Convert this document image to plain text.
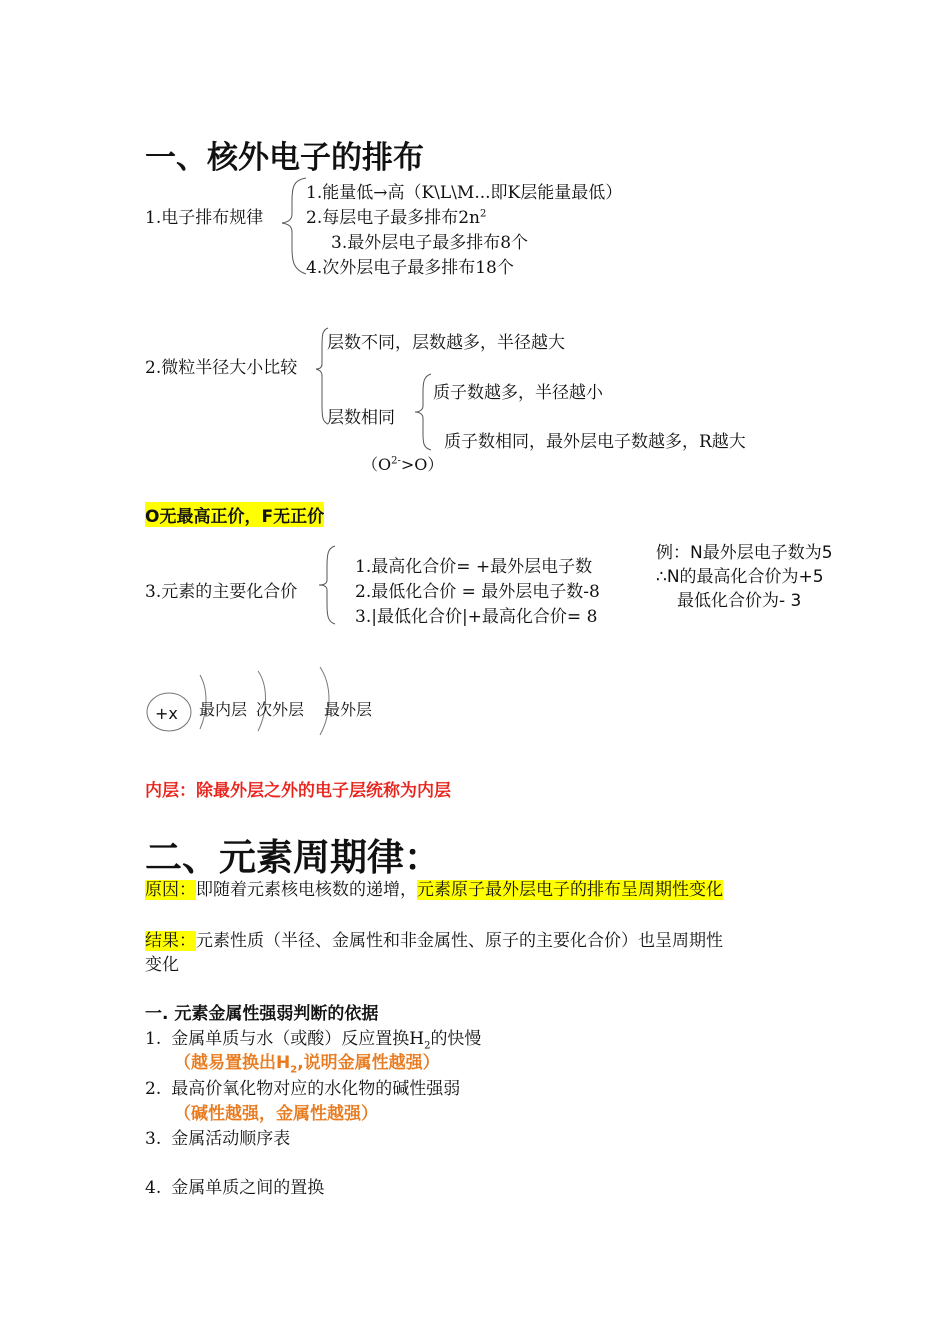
一、核外电子的排布
1.电子排布规律
1.能量低→高（K\L\M...即K层能量最低）
2.每层电子最多排布$2n^2$
3.最外层电子最多排布8个
4.次外层电子最多排布18个
2.微粒半径大小比较
层数不同，层数越多，半径越大
层数相同
质子数越多，半径越小
质子数相同，最外层电子数越多，R越大
$(O^{2-}>O)$
O无最高正价，F无正价
3.元素的主要化合价
1.最高化合价= +最外层电子数
2.最低化合价 = 最外层电子数-8
3.|最低化合价|+最高化合价= 8
例：N最外层电子数为5
∴N的最高化合价为+5
最低化合价为- 3
+x 最内层 次外层 最外层
内层：除最外层之外的电子层统称为内层
二、元素周期律：
原因：即随着元素核电核数的递增，元素原子最外层电子的排布呈周期性变化
结果：元素性质（半径、金属性和非金属性、原子的主要化合价）也呈周期性
变化
一. 元素金属性强弱判断的依据
1. 金属单质与水（或酸）反应置换$H_2$的快慢
（越易置换出$H_2$,说明金属性越强）
2. 最高价氧化物对应的水化物的碱性强弱
（碱性越强，金属性越强）
3. 金属活动顺序表
4. 金属单质之间的置换
